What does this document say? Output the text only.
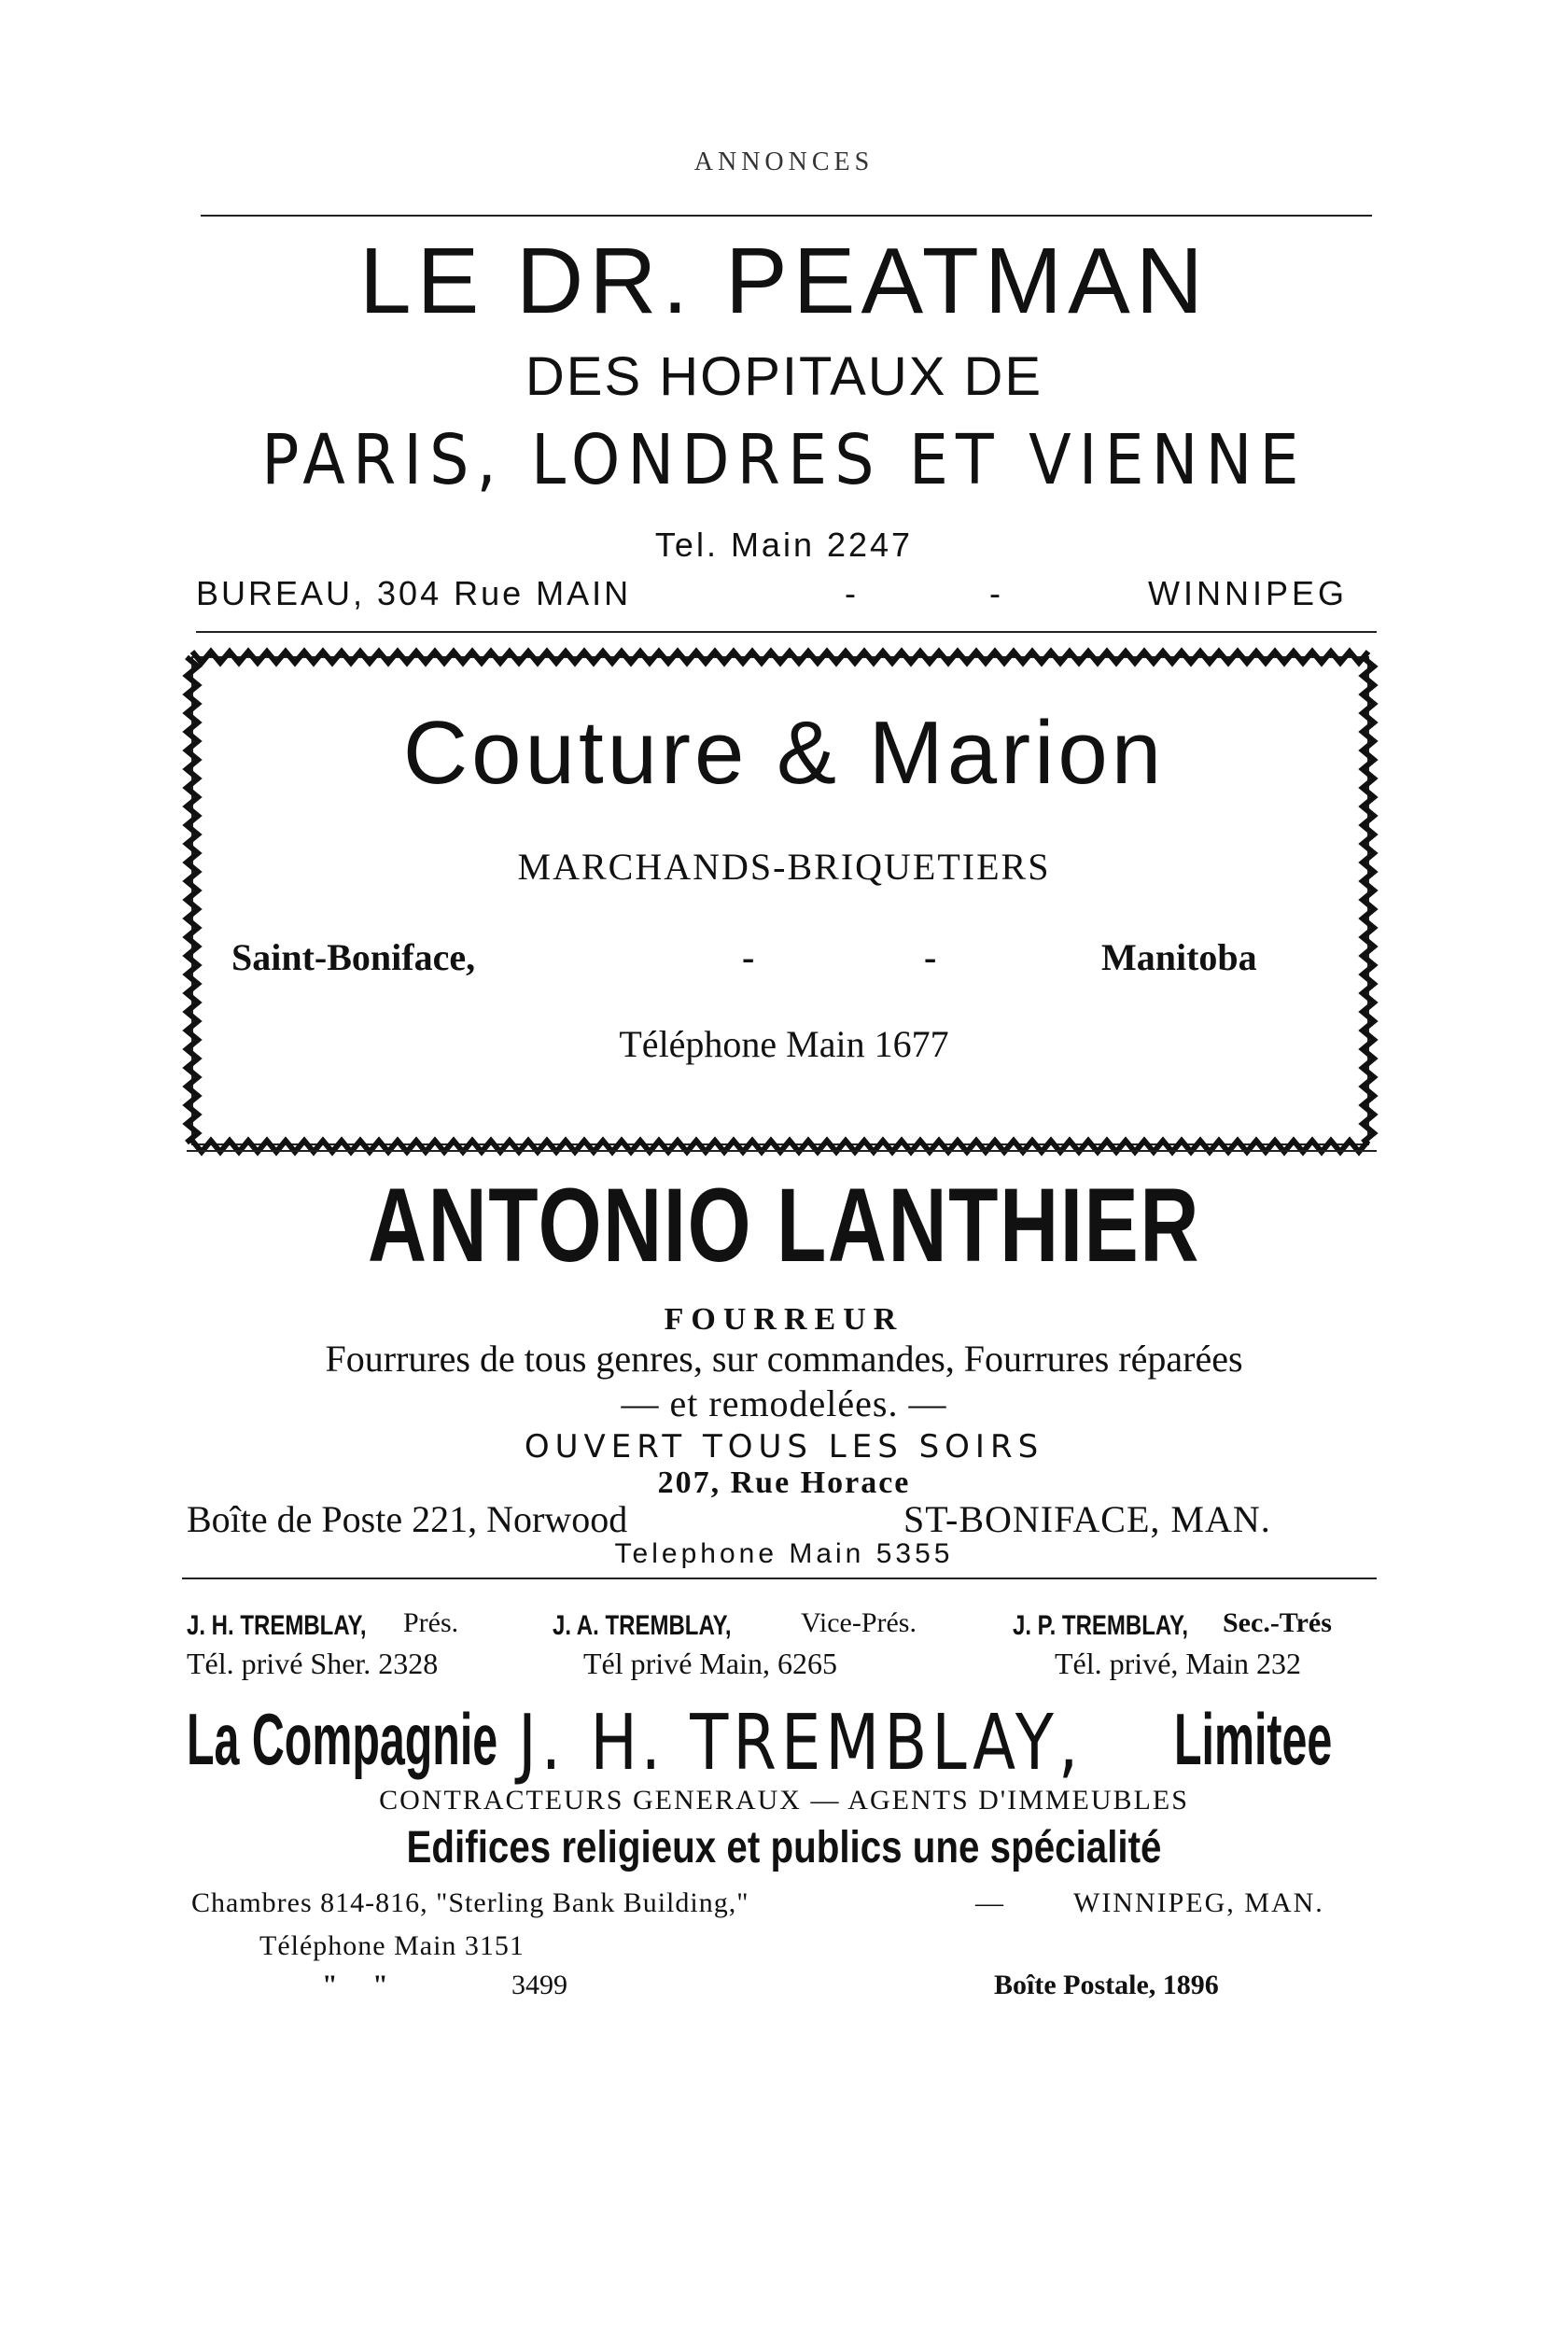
ANNONCES
LE DR. PEATMAN
DES HOPITAUX DE
PARIS, LONDRES ET VIENNE
Tel. Main 2247
BUREAU, 304 Rue MAIN	-	-	WINNIPEG
Couture & Marion
MARCHANDS-BRIQUETIERS
Saint-Boniface,	-	-	Manitoba
Téléphone Main 1677
ANTONIO LANTHIER
FOURREUR
Fourrures de tous genres, sur commandes, Fourrures réparées
— et remodelées. —
OUVERT TOUS LES SOIRS
207, Rue Horace
Boîte de Poste 221, Norwood	ST-BONIFACE, MAN.
Telephone Main 5355
J. H. TREMBLAY, Prés.	J. A. TREMBLAY, Vice-Prés.	J. P. TREMBLAY, Sec.-Trés
Tél. privé Sher. 2328	Tél privé Main, 6265	Tél. privé, Main 232
La Compagnie J. H. TREMBLAY, Limitee
CONTRACTEURS GENERAUX — AGENTS D'IMMEUBLES
Edifices religieux et publics une spécialité
Chambres 814-816, "Sterling Bank Building,"	—	WINNIPEG, MAN.
Téléphone Main 3151
"     "	3499	Boîte Postale, 1896
